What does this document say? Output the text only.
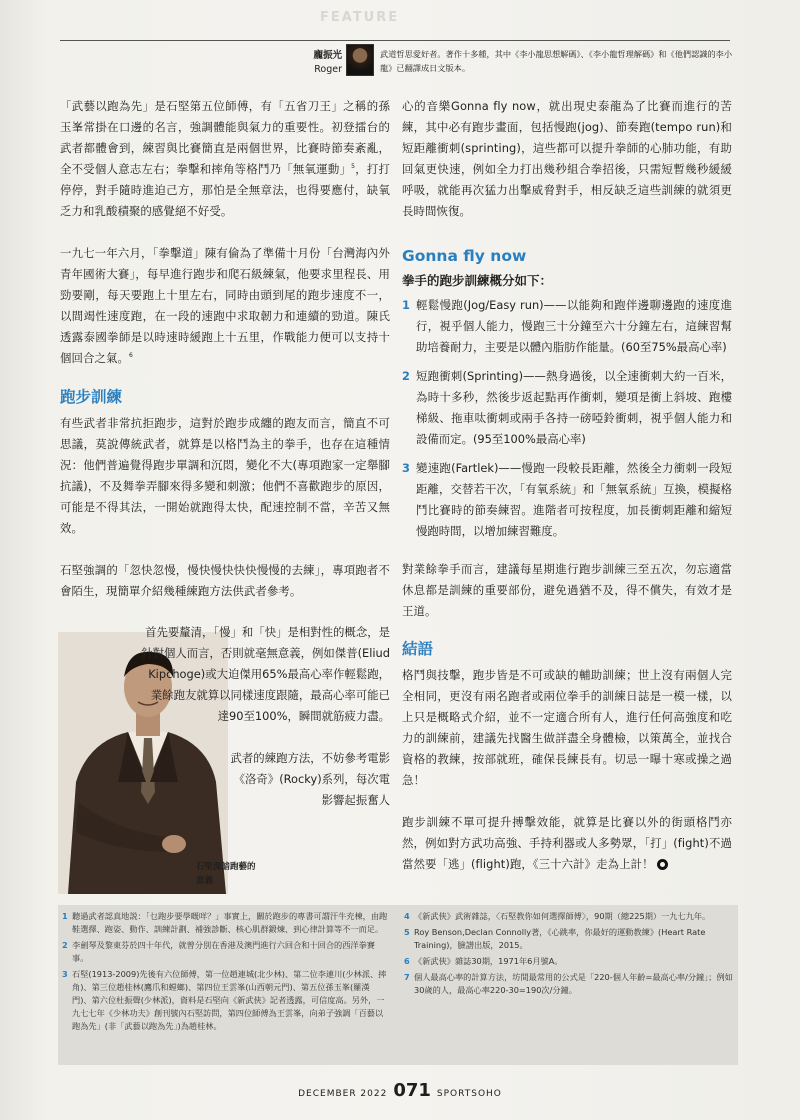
FEATURE
龐振光
Roger
武道哲思愛好者。著作十多種，其中《李小龍思想解碼》、《李小龍哲理解碼》和《他們認識的李小龍》已翻譯成日文版本。

「武藝以跑為先」是石堅第五位師傅，有「五省刀王」之稱的孫玉峯常掛在口邊的名言，強調體能與氣力的重要性。初登擂台的武者都體會到，練習與比賽簡直是兩個世界，比賽時節奏紊亂，全不受個人意志左右；拳擊和摔角等格鬥乃「無氧運動」$^5$，打打停停，對手隨時進迫己方，那怕是全無章法，也得要應付，缺氧乏力和乳酸積聚的感覺絕不好受。

一九七一年六月，「拳擊道」陳有倫為了準備十月份「台灣海內外青年國術大賽」，每早進行跑步和爬石級練氣，他要求里程長、用勁要剛，每天要跑上十里左右，同時由頭到尾的跑步速度不一，以間竭性速度跑，在一段的速跑中求取韌力和連續的勁道。陳氏透露泰國拳師是以時速時緩跑上十五里，作戰能力便可以支持十個回合之氣。$^6$

跑步訓練

有些武者非常抗拒跑步，這對於跑步成纏的跑友而言，簡直不可思議，莫說傳統武者，就算是以格鬥為主的拳手，也存在這種情況：他們普遍覺得跑步單調和沉悶，變化不大(專項跑家一定舉腳抗議)，不及舞拳弄腳來得多變和刺激；他們不喜歡跑步的原因，可能是不得其法，一開始就跑得太快，配速控制不當，辛苦又無效。

石堅強調的「忽快忽慢，慢快慢快快快慢慢的去練」，專項跑者不會陌生，現簡單介紹幾種練跑方法供武者參考。

首先要釐清，「慢」和「快」是相對性的概念，是針對個人而言，否則就毫無意義，例如傑普(Eliud Kipchoge)或大迫傑用65%最高心率作輕鬆跑，業餘跑友就算以同樣速度跟隨，最高心率可能已達90至100%，瞬間就筋疲力盡。

武者的練跑方法，不妨參考電影《洛奇》(Rocky)系列，每次電影響起振奮人

石堅深諳跑藝的意義

心的音樂Gonna fly now，就出現史泰龍為了比賽而進行的苦練，其中必有跑步畫面，包括慢跑(jog)、節奏跑(tempo run)和短距離衝刺(sprinting)，這些都可以提升拳師的心肺功能，有助回氣更快速，例如全力打出幾秒組合拳招後，只需短暫幾秒緩緩呼吸，就能再次猛力出擊威脅對手，相反缺乏這些訓練的就須更長時間恢復。

Gonna fly now
拳手的跑步訓練概分如下：
1 輕鬆慢跑(Jog/Easy run)——以能夠和跑伴邊聊邊跑的速度進行，視乎個人能力，慢跑三十分鐘至六十分鐘左右，這練習幫助培養耐力，主要是以體內脂肪作能量。(60至75%最高心率)
2 短跑衝刺(Sprinting)——熱身過後，以全速衝刺大約一百米，為時十多秒，然後步返起點再作衝刺，變項是衝上斜坡、跑樓梯級、拖車呔衝刺或兩手各持一磅啞鈴衝刺，視乎個人能力和設備而定。(95至100%最高心率)
3 變速跑(Fartlek)——慢跑一段較長距離，然後全力衝刺一段短距離，交替若干次，「有氧系統」和「無氧系統」互換，模擬格鬥比賽時的節奏練習。進階者可按程度，加長衝刺距離和縮短慢跑時間，以增加練習難度。

對業餘拳手而言，建議每星期進行跑步訓練三至五次，勿忘適當休息都是訓練的重要部份，避免過猶不及，得不償失，有效才是王道。

結語

格鬥與技擊，跑步皆是不可或缺的輔助訓練；世上沒有兩個人完全相同，更沒有兩名跑者或兩位拳手的訓練日誌是一模一樣，以上只是概略式介紹，並不一定適合所有人，進行任何高強度和吃力的訓練前，建議先找醫生做詳盡全身體檢，以策萬全，並找合資格的教練，按部就班，確保長練長有。切忌一曝十寒或操之過急！

跑步訓練不單可提升搏擊效能，就算是比賽以外的街頭格鬥亦然，例如對方武功高強、手持利器或人多勢眾，「打」(fight)不過當然要「逃」(flight)跑，《三十六計》走為上計！

1 聽過武者認真地説：「乜跑步要學嘅咩？」事實上，關於跑步的專書可謂汗牛充棟，由跑鞋選擇、跑姿、動作、訓練計劃、補強診斷、核心肌群鍛煉、到心律計算等不一而足。
2 李劍琴及黎東芬於四十年代，就曾分別在香港及澳門進行六回合和十回合的西洋拳賽事。
3 石堅(1913-2009)先後有六位師傅，第一位趙連城(北少林)、第二位李連川(少林派、摔角)、第三位趙桂林(鷹爪和螳螂)、第四位王雲峯(山西朝元門)、第五位孫玉峯(羅漢門)、第六位杜振聲(少林派)，資料是石堅向《新武俠》記者透露，可信度高。另外，一九七七年《少林功夫》創刊號內石堅訪問，第四位師傅為王雲峯，向弟子強調「百藝以跑為先」(非「武藝以跑為先」)為趙桂林。
4 《新武俠》武術雜誌，〈石堅教你如何選擇師傅〉，90期（總225期）一九七九年。
5 Roy Benson,Declan Connolly著，《心跳率，你最好的運動教練》(Heart Rate Training)，臉譜出版，2015。
6 《新武俠》雜誌30期，1971年6月號A。
7 個人最高心率的計算方法，坊間最常用的公式是「220-個人年齡=最高心率/分鐘」；例如30歲的人，最高心率220-30=190次/分鐘。
DECEMBER 2022 071 SPORTSOHO
